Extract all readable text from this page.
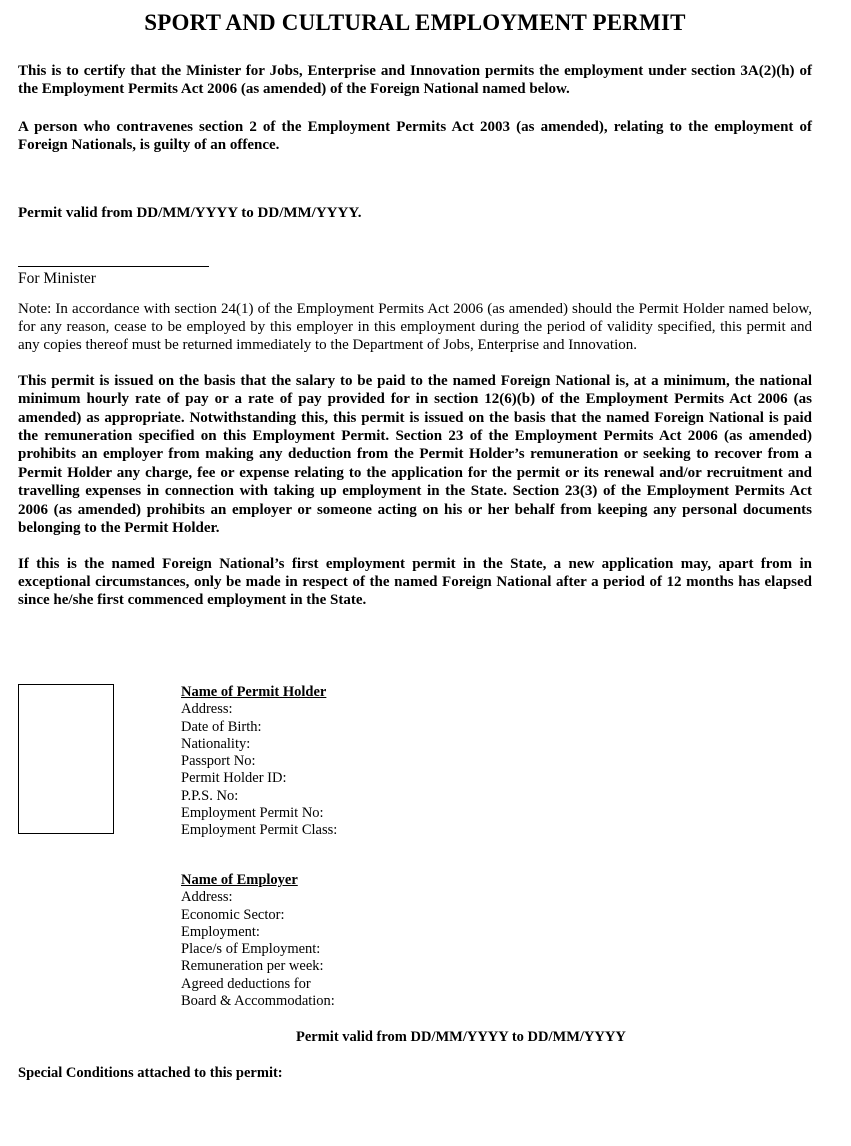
SPORT AND CULTURAL EMPLOYMENT PERMIT

This is to certify that the Minister for Jobs, Enterprise and Innovation permits the employment under section 3A(2)(h) of the Employment Permits Act 2006 (as amended) of the Foreign National named below.

A person who contravenes section 2 of the Employment Permits Act 2003 (as amended), relating to the employment of Foreign Nationals, is guilty of an offence.

Permit valid from DD/MM/YYYY to DD/MM/YYYY.

For Minister

Note: In accordance with section 24(1) of the Employment Permits Act 2006 (as amended) should the Permit Holder named below, for any reason, cease to be employed by this employer in this employment during the period of validity specified, this permit and any copies thereof must be returned immediately to the Department of Jobs, Enterprise and Innovation.

This permit is issued on the basis that the salary to be paid to the named Foreign National is, at a minimum, the national minimum hourly rate of pay or a rate of pay provided for in section 12(6)(b) of the Employment Permits Act 2006 (as amended) as appropriate. Notwithstanding this, this permit is issued on the basis that the named Foreign National is paid the remuneration specified on this Employment Permit. Section 23 of the Employment Permits Act 2006 (as amended) prohibits an employer from making any deduction from the Permit Holder’s remuneration or seeking to recover from a Permit Holder any charge, fee or expense relating to the application for the permit or its renewal and/or recruitment and travelling expenses in connection with taking up employment in the State. Section 23(3) of the Employment Permits Act 2006 (as amended) prohibits an employer or someone acting on his or her behalf from keeping any personal documents belonging to the Permit Holder.

If this is the named Foreign National’s first employment permit in the State, a new application may, apart from in exceptional circumstances, only be made in respect of the named Foreign National after a period of 12 months has elapsed since he/she first commenced employment in the State.

Name of Permit Holder
Address:
Date of Birth:
Nationality:
Passport No:
Permit Holder ID:
P.P.S. No:
Employment Permit No:
Employment Permit Class:
Name of Employer
Address:
Economic Sector:
Employment:
Place/s of Employment:
Remuneration per week:
Agreed deductions for
Board & Accommodation:
Permit valid from DD/MM/YYYY to DD/MM/YYYY
Special Conditions attached to this permit:
